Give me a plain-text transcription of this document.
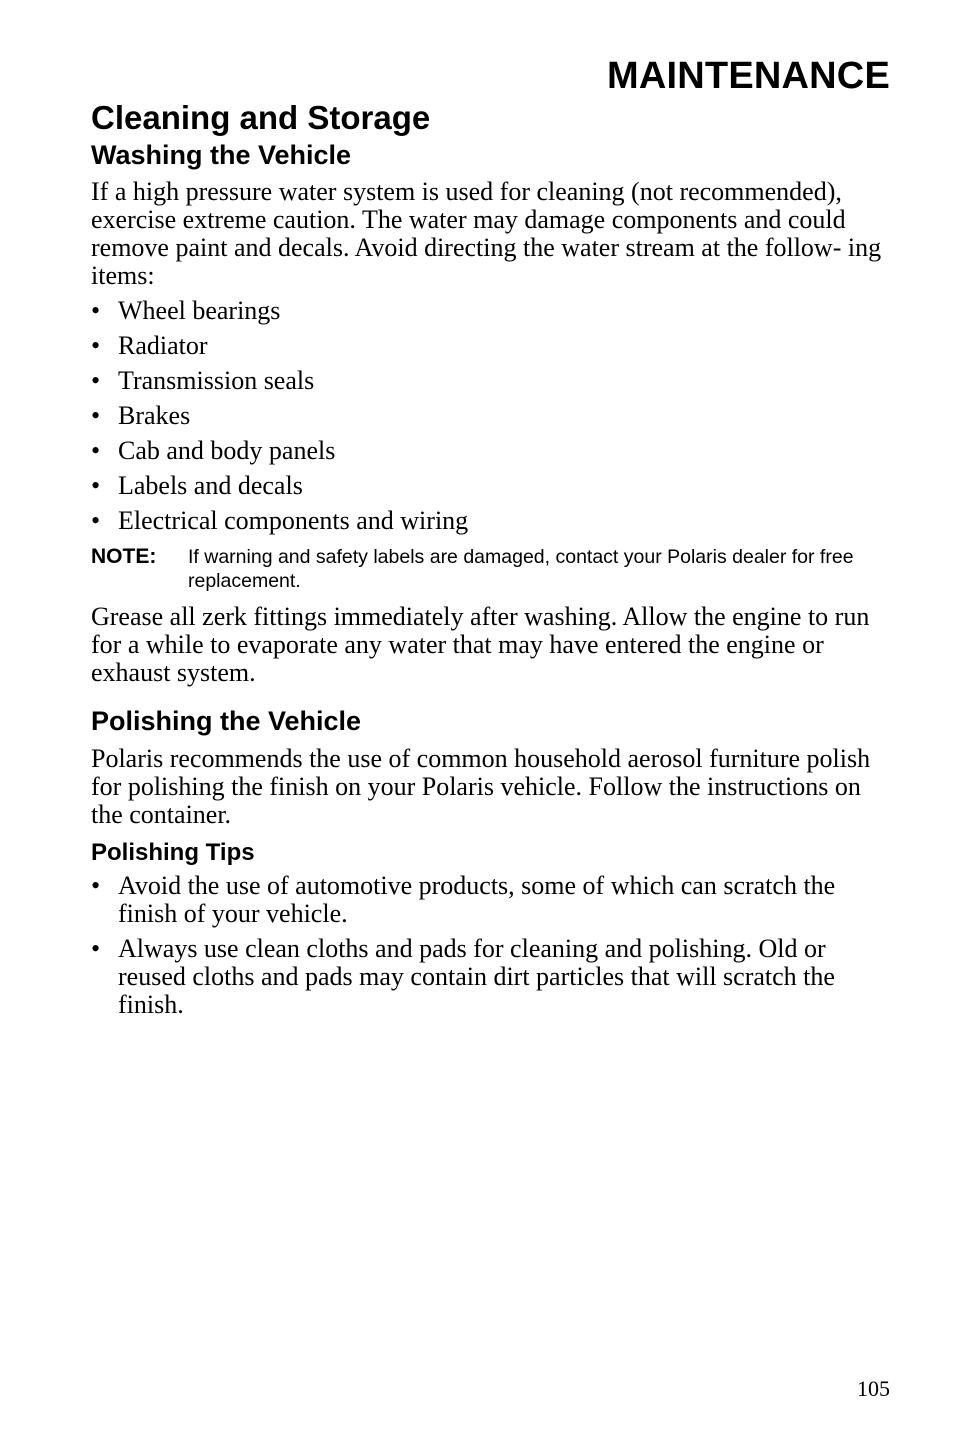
MAINTENANCE
Cleaning and Storage
Washing the Vehicle

If a high pressure water system is used for cleaning (not recommended), exercise extreme caution. The water may damage components and could remove paint and decals. Avoid directing the water stream at the follow- ing items:

• Wheel bearings
• Radiator
• Transmission seals
• Brakes
• Cab and body panels
• Labels and decals
• Electrical components and wiring
NOTE: If warning and safety labels are damaged, contact your Polaris dealer for free replacement.

Grease all zerk fittings immediately after washing. Allow the engine to run for a while to evaporate any water that may have entered the engine or exhaust system.

Polishing the Vehicle

Polaris recommends the use of common household aerosol furniture polish for polishing the finish on your Polaris vehicle. Follow the instructions on the container.

Polishing Tips
• Avoid the use of automotive products, some of which can scratch the finish of your vehicle.
• Always use clean cloths and pads for cleaning and polishing. Old or reused cloths and pads may contain dirt particles that will scratch the finish.
105
